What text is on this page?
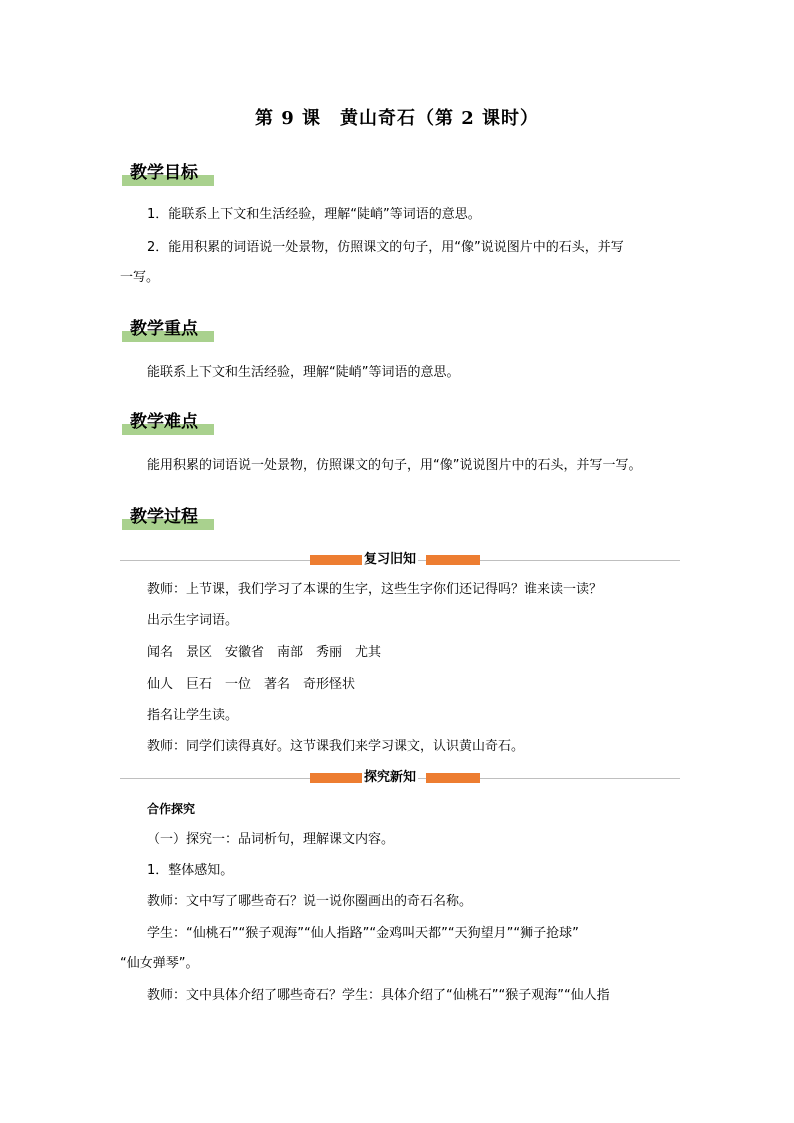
第 9 课　黄山奇石（第 2 课时）
教学目标
1．能联系上下文和生活经验，理解“陡峭”等词语的意思。
2．能用积累的词语说一处景物，仿照课文的句子，用“像”说说图片中的石头，并写
一写。
教学重点
能联系上下文和生活经验，理解“陡峭”等词语的意思。
教学难点
能用积累的词语说一处景物，仿照课文的句子，用“像”说说图片中的石头，并写一写。
教学过程
复习旧知
教师：上节课，我们学习了本课的生字，这些生字你们还记得吗？谁来读一读？
出示生字词语。
闻名　景区　安徽省　南部　秀丽　尤其
仙人　巨石　一位　著名　奇形怪状
指名让学生读。
教师：同学们读得真好。这节课我们来学习课文，认识黄山奇石。
探究新知
合作探究
（一）探究一：品词析句，理解课文内容。
1．整体感知。
教师：文中写了哪些奇石？说一说你圈画出的奇石名称。
学生：“仙桃石”“猴子观海”“仙人指路”“金鸡叫天都”“天狗望月”“狮子抢球”
“仙女弹琴”。
教师：文中具体介绍了哪些奇石？学生：具体介绍了“仙桃石”“猴子观海”“仙人指
